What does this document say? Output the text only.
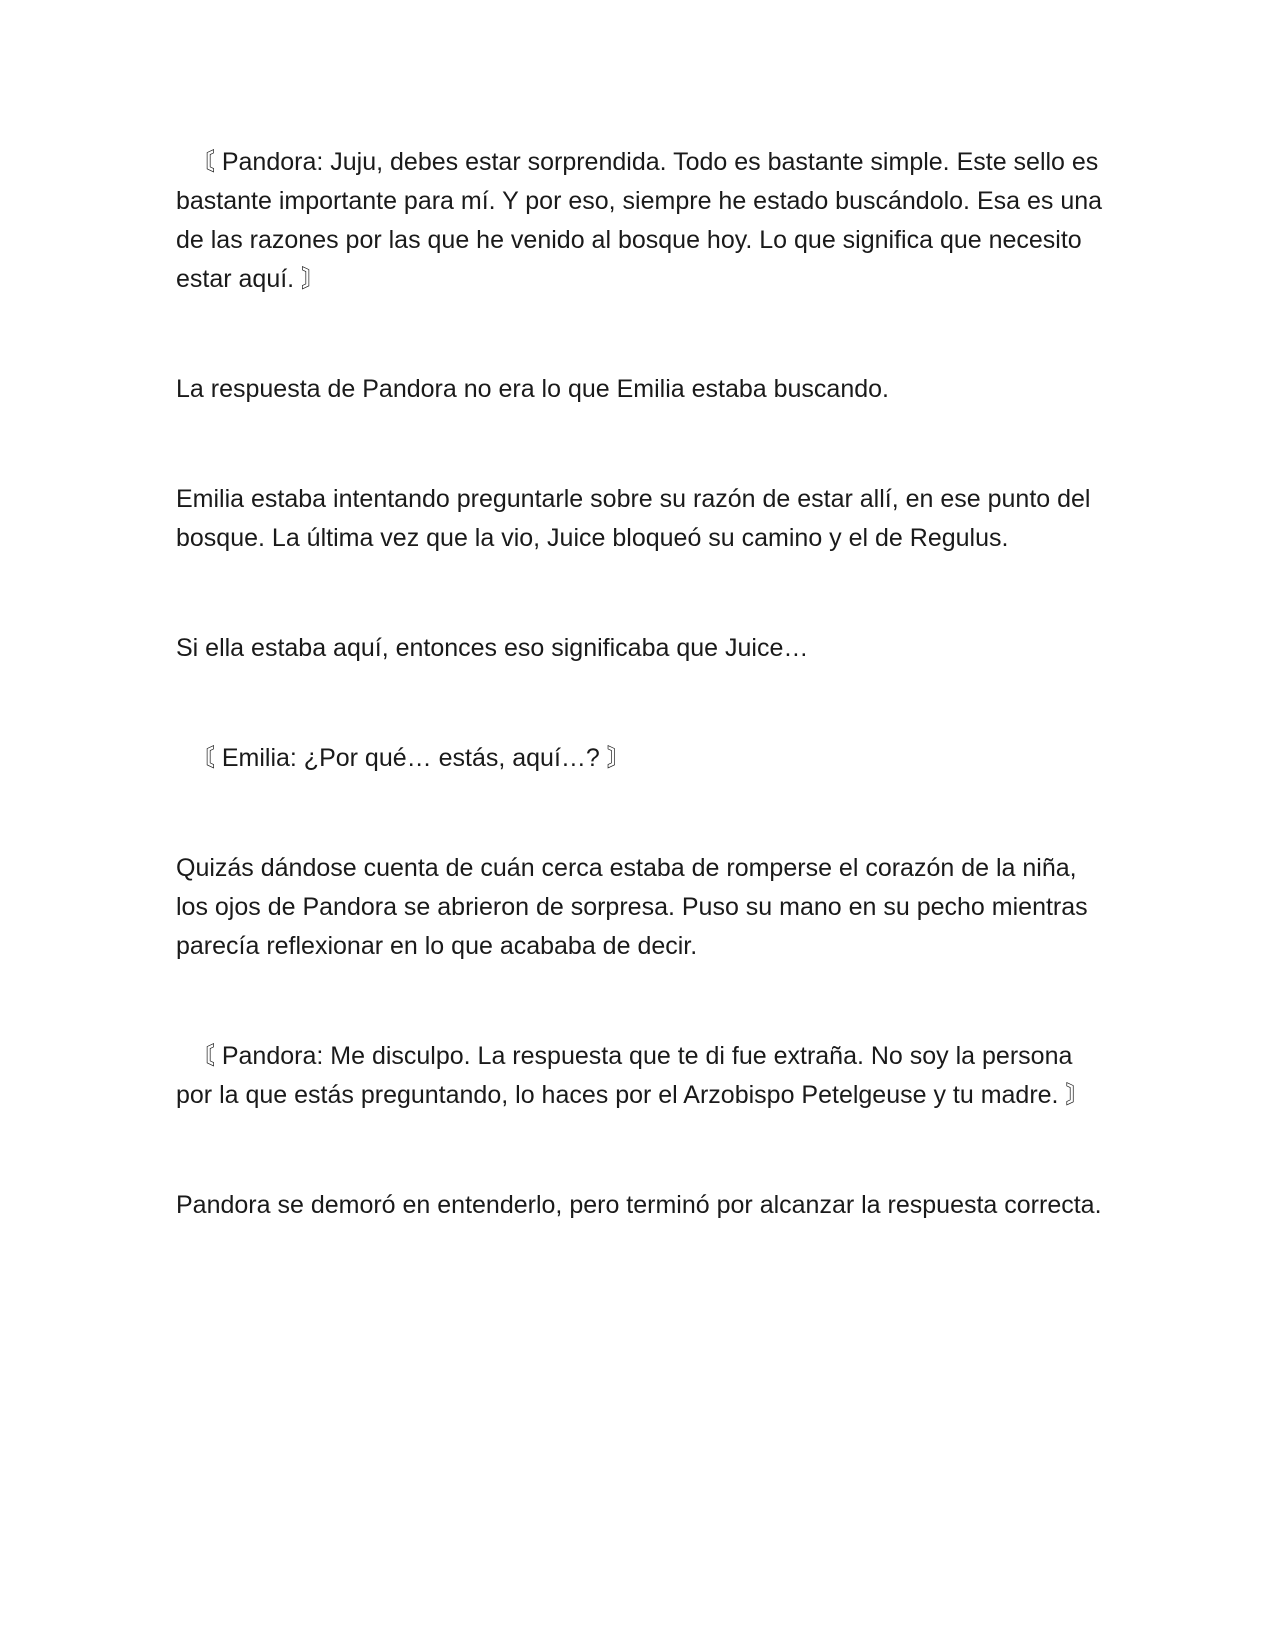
〘 Pandora: Juju, debes estar sorprendida. Todo es bastante simple. Este sello es bastante importante para mí. Y por eso, siempre he estado buscándolo. Esa es una de las razones por las que he venido al bosque hoy. Lo que significa que necesito estar aquí. 〙

La respuesta de Pandora no era lo que Emilia estaba buscando.

Emilia estaba intentando preguntarle sobre su razón de estar allí, en ese punto del bosque. La última vez que la vio, Juice bloqueó su camino y el de Regulus.

Si ella estaba aquí, entonces eso significaba que Juice…

〘 Emilia: ¿Por qué… estás, aquí…? 〙

Quizás dándose cuenta de cuán cerca estaba de romperse el corazón de la niña, los ojos de Pandora se abrieron de sorpresa. Puso su mano en su pecho mientras parecía reflexionar en lo que acababa de decir.

〘 Pandora: Me disculpo. La respuesta que te di fue extraña. No soy la persona por la que estás preguntando, lo haces por el Arzobispo Petelgeuse y tu madre. 〙

Pandora se demoró en entenderlo, pero terminó por alcanzar la respuesta correcta.
